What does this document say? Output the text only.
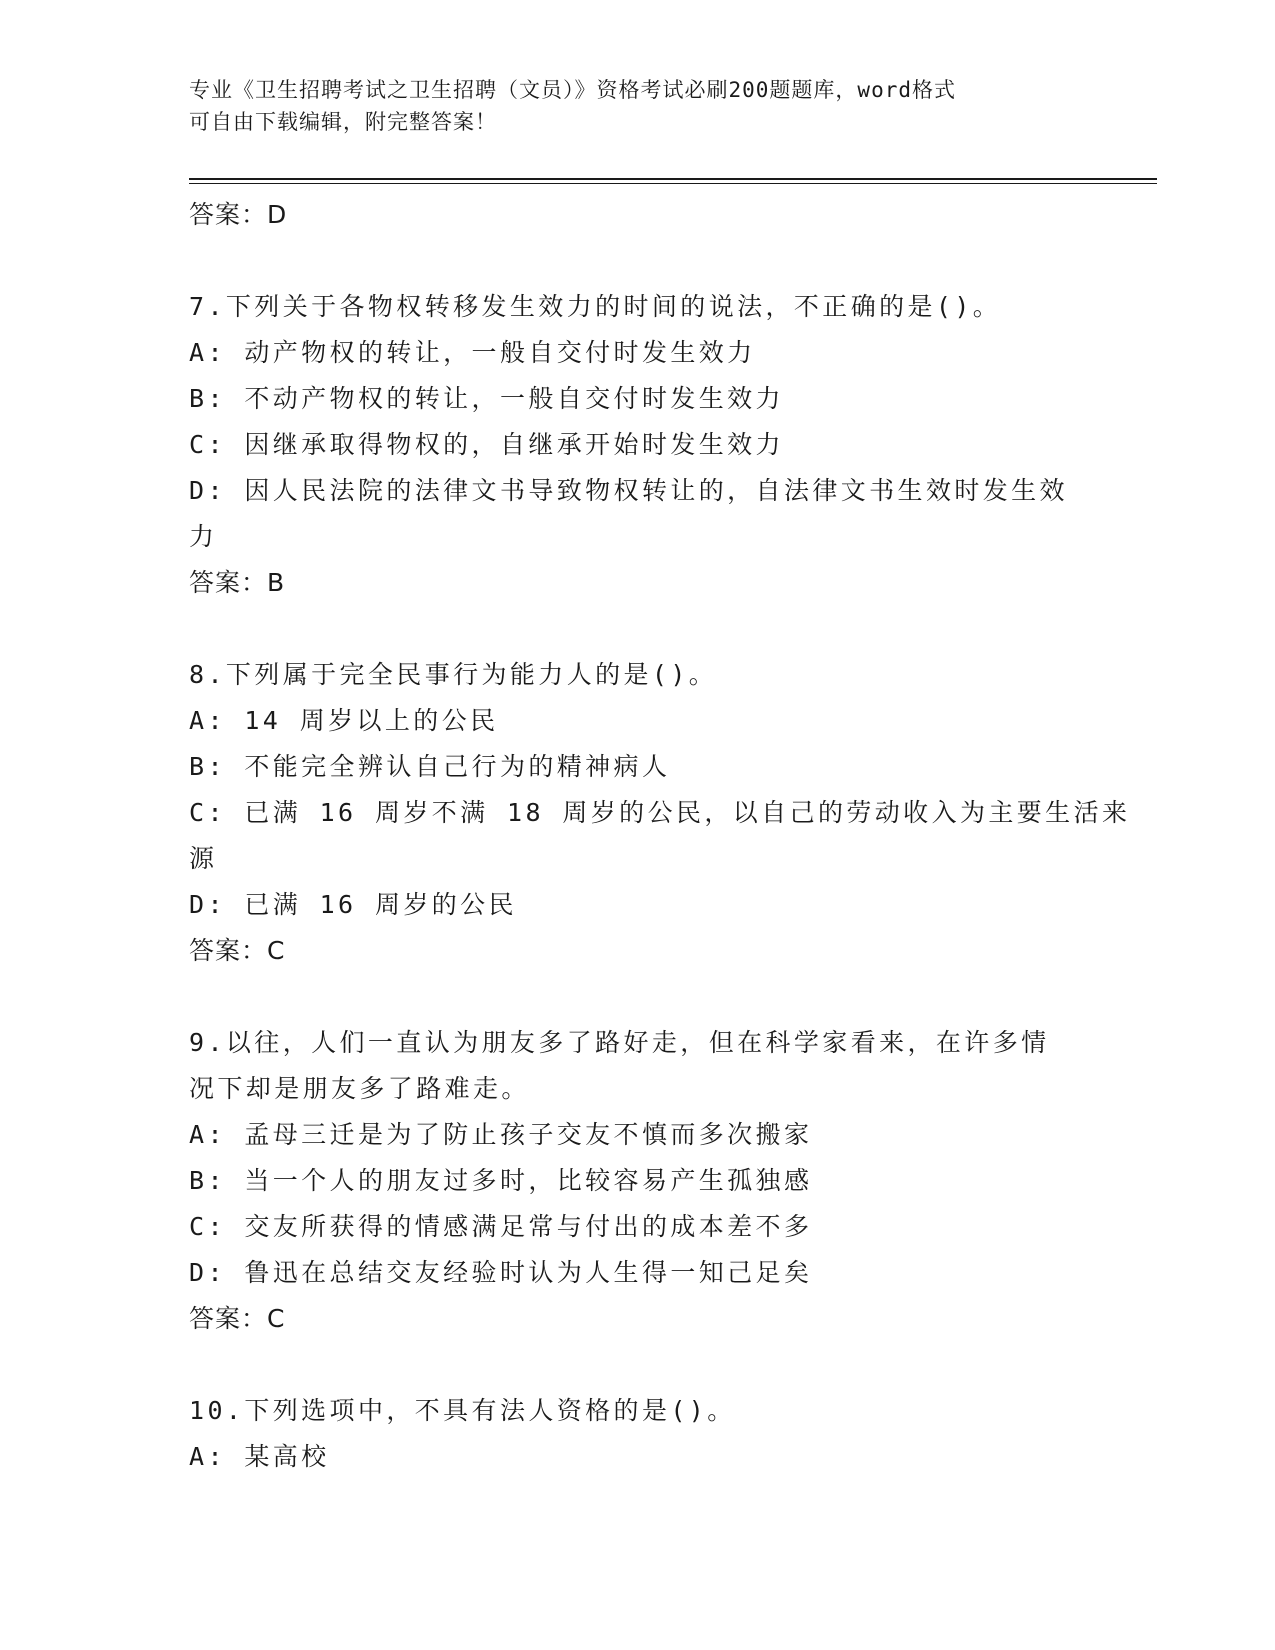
专业《卫生招聘考试之卫生招聘（文员）》资格考试必刷200题题库，word格式
可自由下载编辑，附完整答案！
答案：D
7.下列关于各物权转移发生效力的时间的说法，不正确的是()。
A: 动产物权的转让，一般自交付时发生效力
B: 不动产物权的转让，一般自交付时发生效力
C: 因继承取得物权的，自继承开始时发生效力
D: 因人民法院的法律文书导致物权转让的，自法律文书生效时发生效
力
答案：B
8.下列属于完全民事行为能力人的是()。
A: 14 周岁以上的公民
B: 不能完全辨认自己行为的精神病人
C: 已满 16 周岁不满 18 周岁的公民，以自己的劳动收入为主要生活来
源
D: 已满 16 周岁的公民
答案：C
9.以往，人们一直认为朋友多了路好走，但在科学家看来，在许多情
况下却是朋友多了路难走。
A: 孟母三迁是为了防止孩子交友不慎而多次搬家
B: 当一个人的朋友过多时，比较容易产生孤独感
C: 交友所获得的情感满足常与付出的成本差不多
D: 鲁迅在总结交友经验时认为人生得一知己足矣
答案：C
10.下列选项中，不具有法人资格的是()。
A: 某高校
